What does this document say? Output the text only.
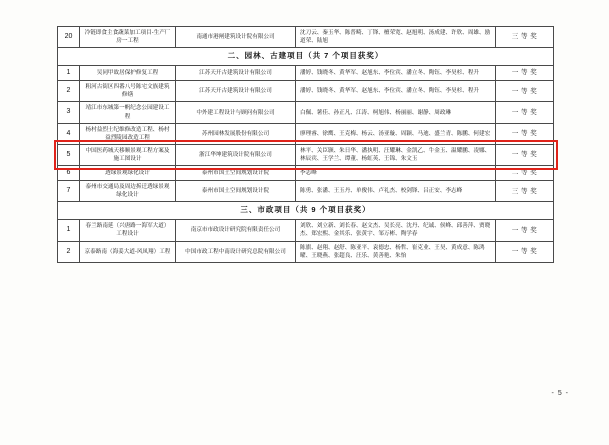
20	冷链即食主食蔬菜加工项目-生产厂房一工程	南通市港闸建筑设计院有限公司	沈刀云、秦玉华、陈普畸、丁锋、檀荣宽、赵旭明、汤成建、许欣、周雄、励道荣、陆旭	三 等 奖
二、园林、古建项目（共 7 个项目获奖）				
1	吴同甲故居保护修复工程	江苏天开古建筑设计有限公司	潘婷、钱晓冬、黄华军、赵旭东、李位宾、潘立冬、陶钰、李昊杉、程升	一 等 奖
2	粗河古街区四番八号陈宅文族建筑修缮	江苏天开古建筑设计有限公司	潘婷、钱晓冬、黄华军、赵旭东、李位宾、潘立冬、陶钰、李昊杉、程升	一 等 奖
3	靖江市东城第一帆纪念公园建设工程	中外建工程设计与顾问有限公司	白佩、薯佳、孙正凡、江涛、柯旭伟、杨丽丽、谢静、周政琳	一 等 奖
4	杨村益烈土纪维修改造工程、杨村益烈陵园改造工程	苏州园林发展股份有限公司	廖理睿、徐鹰、王克梅、杨云、汤亚璇、周颖、马迪、盛兰青、陈鹏、何建宏	一 等 奖
5	中国医药城天移顺景观工程方案及施工图设计	浙江华坤建筑设计院有限公司	林平、关臣颢、朱日华、潘执明、汪耀琳、金凯乙、牛金玉、温耀鹏、凌娜、林辰宾、王学兰、谭董、杨虹英、王锦、朱文玉	一 等 奖
6	透绿景观绿化设计	泰州市国土空间规划设计院	李志峰	二 等 奖
7	泰州市交通局及周边拆迁透绿景观绿化设计	泰州市国土空间规划设计院	陈勇、张潘、王玉丹、单俊伟、卢礼杰、校剑锋、吕正安、李志峰	三 等 奖
三、市政项目（共 9 个项目获奖）				
1	春兰路南延（兴唐路一海军大道）工程设计	南京市市政设计研究院有限责任公司	刘欣、刘立新、刘长春、赵文杰、吴长亮、沈丹、纪诚、侯峰、邱善萍、贾晓杰、郑宏熙、金其乐、张黄宇、邹万彬、陶学春	一 等 奖
2	京泰路南（海姜大道-风凤翔）工程	中国市政工程中南设计研究总院有限公司	陈旗、赵翔、赵舒、陈亚平、袁德忠、杨哲、崔克业、王昊、黄成意、陈鸿曜、王晓燕、张超良、汪乐、黄善艳、朱怡	一 等 奖
- 5 -
